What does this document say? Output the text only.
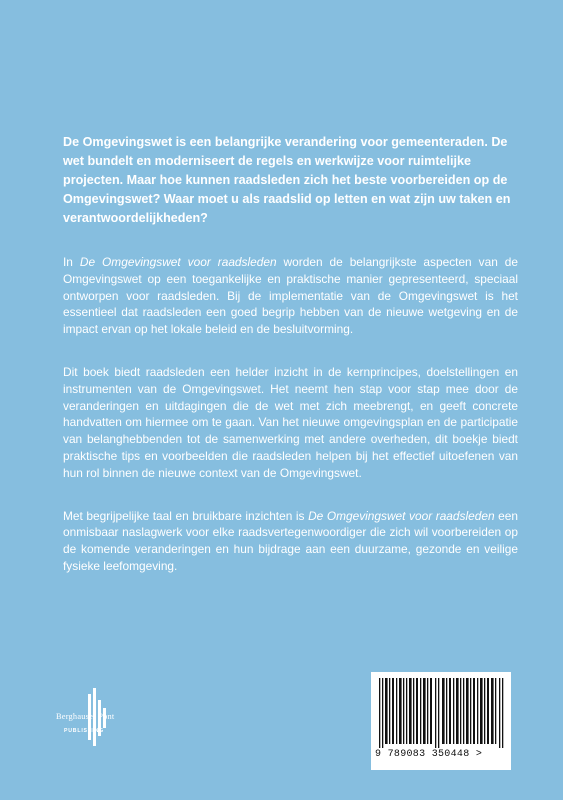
De Omgevingswet is een belangrijke verandering voor gemeenteraden. De wet bundelt en moderniseert de regels en werkwijze voor ruimtelijke projecten. Maar hoe kunnen raadsleden zich het beste voorbereiden op de Omgevingswet? Waar moet u als raadslid op letten en wat zijn uw taken en verantwoordelijkheden?

In De Omgevingswet voor raadsleden worden de belangrijkste aspecten van de Omgevingswet op een toegankelijke en praktische manier gepresenteerd, speciaal ontworpen voor raadsleden. Bij de implementatie van de Omgevingswet is het essentieel dat raadsleden een goed begrip hebben van de nieuwe wetgeving en de impact ervan op het lokale beleid en de besluitvorming.

Dit boek biedt raadsleden een helder inzicht in de kernprincipes, doelstellingen en instrumenten van de Omgevingswet. Het neemt hen stap voor stap mee door de veranderingen en uitdagingen die de wet met zich meebrengt, en geeft concrete handvatten om hiermee om te gaan. Van het nieuwe omgevingsplan en de participatie van belanghebbenden tot de samenwerking met andere overheden, dit boekje biedt praktische tips en voorbeelden die raadsleden helpen bij het effectief uitoefenen van hun rol binnen de nieuwe context van de Omgevingswet.

Met begrijpelijke taal en bruikbare inzichten is De Omgevingswet voor raadsleden een onmisbaar naslagwerk voor elke raadsvertegenwoordiger die zich wil voorbereiden op de komende veranderingen en hun bijdrage aan een duurzame, gezonde en veilige fysieke leefomgeving.

Berghauser Pont
PUBLISHING
9 789083 350448 >
